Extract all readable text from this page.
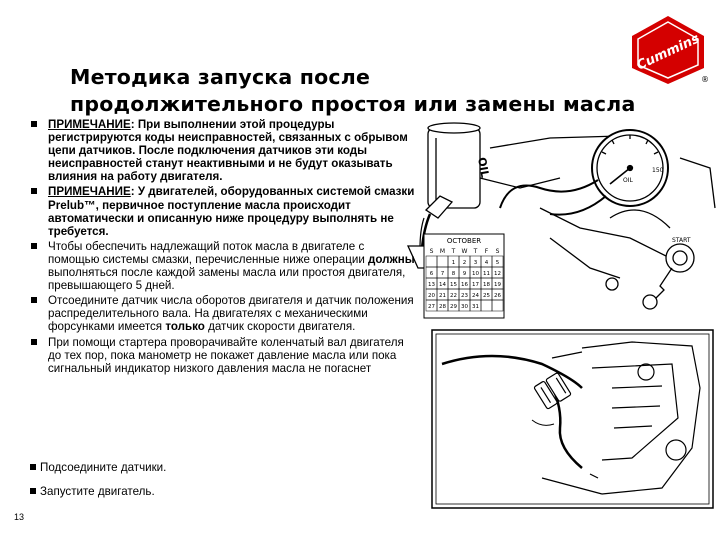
Методика запуска после
продолжительного простоя или замены масла
Cummins
®
OIL
OIL
150
START
OCTOBER
S M T W T F S
1 2 3 4 5
6 7 8 9 10 11 12
13 14 15 16 17 18 19
20 21 22 23 24 25 26
27 28 29 30 31
ПРИМЕЧАНИЕ: При выполнении этой процедуры регистрируются коды неисправностей, связанных с обрывом цепи датчиков. После подключения датчиков эти коды неисправностей станут неактивными и не будут оказывать влияния на работу двигателя.
ПРИМЕЧАНИЕ: У двигателей, оборудованных системой смазки Prelub™, первичное поступление масла происходит автоматически и описанную ниже процедуру выполнять не требуется.
Чтобы обеспечить надлежащий поток масла в двигателе с помощью системы смазки, перечисленные ниже операции должны выполняться после каждой замены масла или простоя двигателя, превышающего 5 дней.
Отсоедините датчик числа оборотов двигателя и датчик положения распределительного вала. На двигателях с механическими форсунками имеется только датчик скорости двигателя.
При помощи стартера проворачивайте коленчатый вал двигателя до тех пор, пока манометр не покажет давление масла или пока сигнальный индикатор низкого давления масла не погаснет
Подсоедините датчики.
Запустите двигатель.
13
